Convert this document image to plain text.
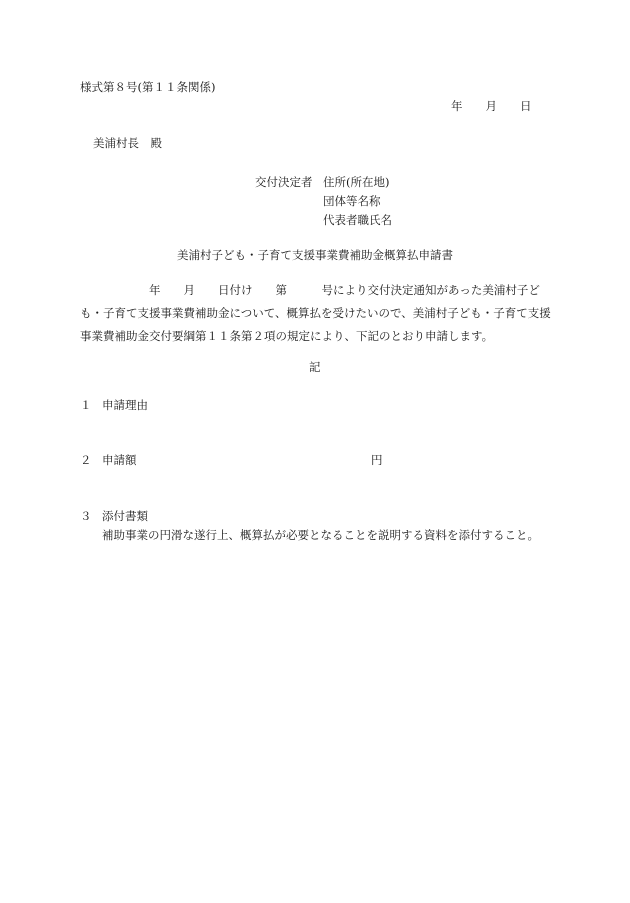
様式第８号(第１１条関係)
年　　月　　日
美浦村長　殿
交付決定者 住所(所在地)
団体等名称
代表者職氏名
美浦村子ども・子育て支援事業費補助金概算払申請書
　　　　　　年　　月　　日付け　　第　　　号により交付決定通知があった美浦村子ど
も・子育て支援事業費補助金について、概算払を受けたいので、美浦村子ども・子育て支援
事業費補助金交付要綱第１１条第２項の規定により、下記のとおり申請します。
記
１ 申請理由
２ 申請額	円
３ 添付書類
補助事業の円滑な遂行上、概算払が必要となることを説明する資料を添付すること。
